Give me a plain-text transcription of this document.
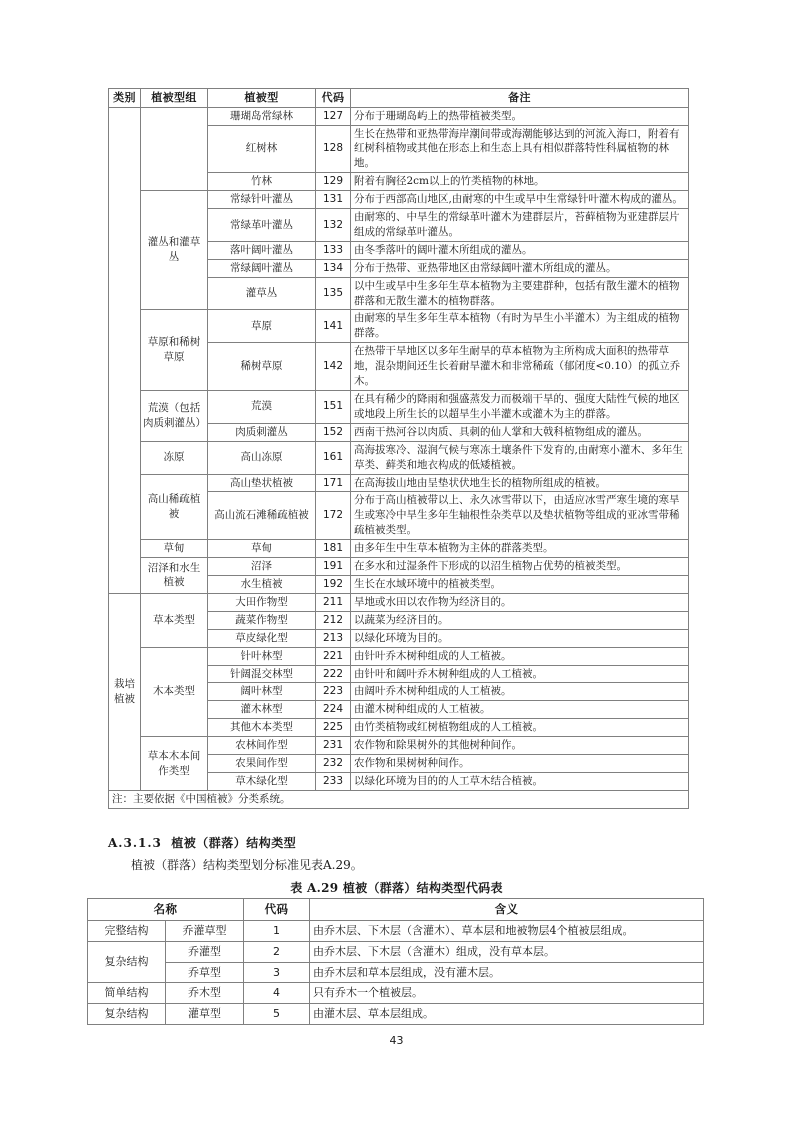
类别	植被型组	植被型	代码	备注
		珊瑚岛常绿林	127	分布于珊瑚岛屿上的热带植被类型。
		红树林	128	生长在热带和亚热带海岸潮间带或海潮能够达到的河流入海口，附着有红树科植物或其他在形态上和生态上具有相似群落特性科属植物的林地。
		竹林	129	附着有胸径2cm以上的竹类植物的林地。
	灌丛和灌草丛	常绿针叶灌丛	131	分布于西部高山地区,由耐寒的中生或旱中生常绿针叶灌木构成的灌丛。
		常绿革叶灌丛	132	由耐寒的、中旱生的常绿革叶灌木为建群层片，苔藓植物为亚建群层片组成的常绿革叶灌丛。
		落叶阔叶灌丛	133	由冬季落叶的阔叶灌木所组成的灌丛。
		常绿阔叶灌丛	134	分布于热带、亚热带地区由常绿阔叶灌木所组成的灌丛。
		灌草丛	135	以中生或旱中生多年生草本植物为主要建群种，包括有散生灌木的植物群落和无散生灌木的植物群落。
	草原和稀树草原	草原	141	由耐寒的旱生多年生草本植物（有时为旱生小半灌木）为主组成的植物群落。
		稀树草原	142	在热带干旱地区以多年生耐旱的草本植物为主所构成大面积的热带草地，混杂期间还生长着耐旱灌木和非常稀疏（郁闭度<0.10）的孤立乔木。
	荒漠（包括肉质刺灌丛）	荒漠	151	在具有稀少的降雨和强盛蒸发力而极端干旱的、强度大陆性气候的地区或地段上所生长的以超旱生小半灌木或灌木为主的群落。
		肉质刺灌丛	152	西南干热河谷以肉质、具刺的仙人掌和大戟科植物组成的灌丛。
	冻原	高山冻原	161	高海拔寒冷、湿润气候与寒冻土壤条件下发育的,由耐寒小灌木、多年生草类、藓类和地衣构成的低矮植被。
	高山稀疏植被	高山垫状植被	171	在高海拔山地由呈垫状伏地生长的植物所组成的植被。
		高山流石滩稀疏植被	172	分布于高山植被带以上、永久冰雪带以下，由适应冰雪严寒生境的寒旱生或寒冷中旱生多年生轴根性杂类草以及垫状植物等组成的亚冰雪带稀疏植被类型。
	草甸	草甸	181	由多年生中生草本植物为主体的群落类型。
	沼泽和水生植被	沼泽	191	在多水和过湿条件下形成的以沼生植物占优势的植被类型。
		水生植被	192	生长在水域环境中的植被类型。
栽培植被	草本类型	大田作物型	211	旱地或水田以农作物为经济目的。
		蔬菜作物型	212	以蔬菜为经济目的。
		草皮绿化型	213	以绿化环境为目的。
	木本类型	针叶林型	221	由针叶乔木树种组成的人工植被。
		针阔混交林型	222	由针叶和阔叶乔木树种组成的人工植被。
		阔叶林型	223	由阔叶乔木树种组成的人工植被。
		灌木林型	224	由灌木树种组成的人工植被。
		其他木本类型	225	由竹类植物或红树植物组成的人工植被。
	草本木本间作类型	农林间作型	231	农作物和除果树外的其他树种间作。
		农果间作型	232	农作物和果树树种间作。
		草木绿化型	233	以绿化环境为目的的人工草木结合植被。
注：主要依据《中国植被》分类系统。				
A.3.1.3 植被（群落）结构类型
植被（群落）结构类型划分标准见表A.29。
表 A.29 植被（群落）结构类型代码表
名称		代码	含义
完整结构	乔灌草型	1	由乔木层、下木层（含灌木）、草本层和地被物层4个植被层组成。
复杂结构	乔灌型	2	由乔木层、下木层（含灌木）组成，没有草本层。
	乔草型	3	由乔木层和草本层组成，没有灌木层。
简单结构	乔木型	4	只有乔木一个植被层。
复杂结构	灌草型	5	由灌木层、草本层组成。
43
